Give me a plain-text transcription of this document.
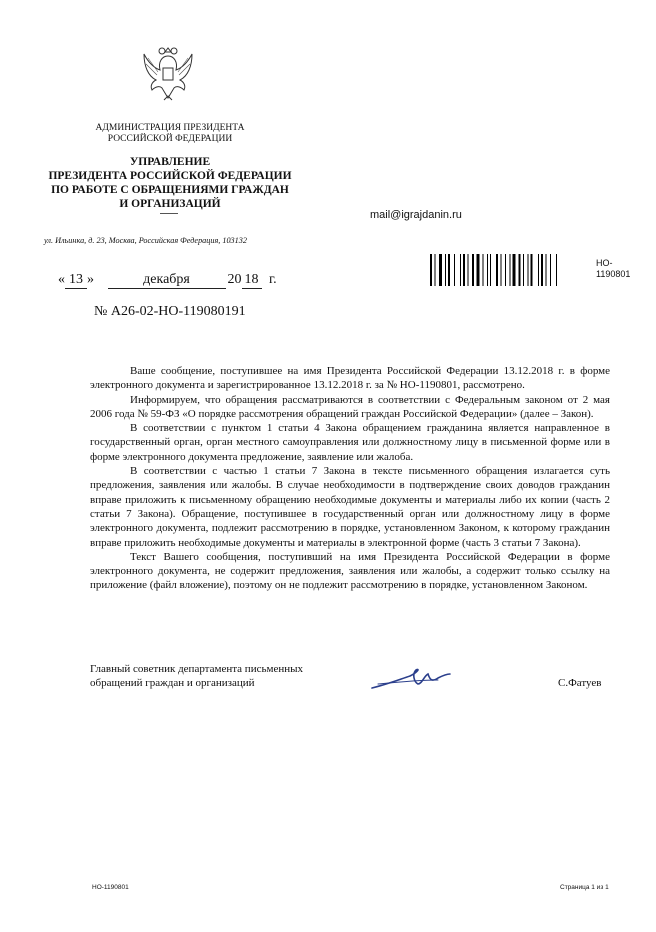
АДМИНИСТРАЦИЯ ПРЕЗИДЕНТА
РОССИЙСКОЙ ФЕДЕРАЦИИ
УПРАВЛЕНИЕ
ПРЕЗИДЕНТА РОССИЙСКОЙ ФЕДЕРАЦИИ
ПО РАБОТЕ С ОБРАЩЕНИЯМИ ГРАЖДАН
И ОРГАНИЗАЦИЙ
ул. Ильинка, д. 23, Москва, Российская Федерация, 103132
mail@igrajdanin.ru
НО-
1190801
« 13 »	декабря	20 18 г.
№ А26-02-НО-119080191

Ваше сообщение, поступившее на имя Президента Российской Федерации 13.12.2018 г. в форме электронного документа и зарегистрированное 13.12.2018 г. за № НО-1190801, рассмотрено.

Информируем, что обращения рассматриваются в соответствии с Федеральным законом от 2 мая 2006 года № 59-ФЗ «О порядке рассмотрения обращений граждан Российской Федерации» (далее – Закон).

В соответствии с пунктом 1 статьи 4 Закона обращением гражданина является направленное в государственный орган, орган местного самоуправления или должностному лицу в письменной форме или в форме электронного документа предложение, заявление или жалоба.

В соответствии с частью 1 статьи 7 Закона в тексте письменного обращения излагается суть предложения, заявления или жалобы. В случае необходимости в подтверждение своих доводов гражданин вправе приложить к письменному обращению необходимые документы и материалы либо их копии (часть 2 статьи 7 Закона). Обращение, поступившее в государственный орган или должностному лицу в форме электронного документа, подлежит рассмотрению в порядке, установленном Законом, к которому гражданин вправе приложить необходимые документы и материалы в электронной форме (часть 3 статьи 7 Закона).

Текст Вашего сообщения, поступивший на имя Президента Российской Федерации в форме электронного документа, не содержит предложения, заявления или жалобы, а содержит только ссылку на приложение (файл вложение), поэтому он не подлежит рассмотрению в порядке, установленном Законом.

Главный советник департамента письменных
обращений граждан и организаций	С.Фатуев
НО-1190801	Страница 1 из 1
